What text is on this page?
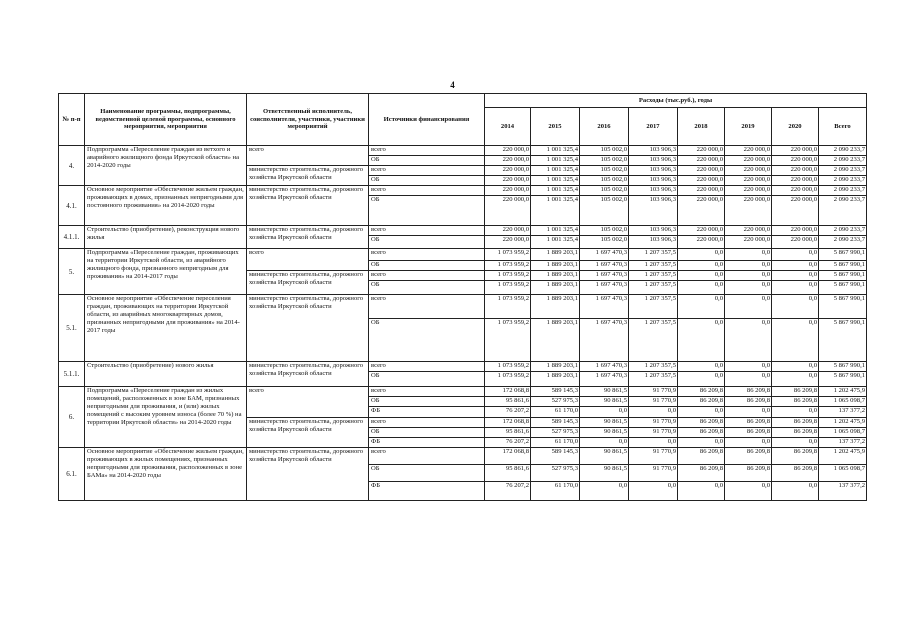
4
№ п-п	Наименование программы, подпрограммы, ведомственной целевой программы, основного мероприятия, мероприятия	Ответственный исполнитель, соисполнители, участники, участники мероприятий	Источники финансирования	Расходы (тыс.руб.), годы							
				2014	2015	2016	2017	2018	2019	2020	Всего
4.	Подпрограмма «Переселение граждан из ветхого и аварийного жилищного фонда Иркутской области» на 2014-2020 годы	всего	всего	220 000,0	1 001 325,4	105 002,0	103 906,3	220 000,0	220 000,0	220 000,0	2 090 233,7
			ОБ	220 000,0	1 001 325,4	105 002,0	103 906,3	220 000,0	220 000,0	220 000,0	2 090 233,7
		министерство строительства, дорожного хозяйства Иркутской области	всего	220 000,0	1 001 325,4	105 002,0	103 906,3	220 000,0	220 000,0	220 000,0	2 090 233,7
			ОБ	220 000,0	1 001 325,4	105 002,0	103 906,3	220 000,0	220 000,0	220 000,0	2 090 233,7
4.1.	Основное мероприятие «Обеспечение жильем граждан, проживающих в домах, признанных непригодными для постоянного проживания» на 2014-2020 годы	министерство строительства, дорожного хозяйства Иркутской области	всего	220 000,0	1 001 325,4	105 002,0	103 906,3	220 000,0	220 000,0	220 000,0	2 090 233,7
			ОБ	220 000,0	1 001 325,4	105 002,0	103 906,3	220 000,0	220 000,0	220 000,0	2 090 233,7
4.1.1.	Строительство (приобретение), реконструкция нового жилья	министерство строительства, дорожного хозяйства Иркутской области	всего	220 000,0	1 001 325,4	105 002,0	103 906,3	220 000,0	220 000,0	220 000,0	2 090 233,7
			ОБ	220 000,0	1 001 325,4	105 002,0	103 906,3	220 000,0	220 000,0	220 000,0	2 090 233,7
5.	Подпрограмма «Переселение граждан, проживающих на территории Иркутской области, из аварийного жилищного фонда, признанного непригодным для проживания» на 2014-2017 годы	всего	всего	1 073 959,2	1 889 203,1	1 697 470,3	1 207 357,5	0,0	0,0	0,0	5 867 990,1
			ОБ	1 073 959,2	1 889 203,1	1 697 470,3	1 207 357,5	0,0	0,0	0,0	5 867 990,1
		министерство строительства, дорожного хозяйства Иркутской области	всего	1 073 959,2	1 889 203,1	1 697 470,3	1 207 357,5	0,0	0,0	0,0	5 867 990,1
			ОБ	1 073 959,2	1 889 203,1	1 697 470,3	1 207 357,5	0,0	0,0	0,0	5 867 990,1
5.1.	Основное мероприятие «Обеспечение переселения граждан, проживающих на территории Иркутской области, из аварийных многоквартирных домов, признанных непригодными для проживания» на 2014-2017 годы	министерство строительства, дорожного хозяйства Иркутской области	всего	1 073 959,2	1 889 203,1	1 697 470,3	1 207 357,5	0,0	0,0	0,0	5 867 990,1
			ОБ	1 073 959,2	1 889 203,1	1 697 470,3	1 207 357,5	0,0	0,0	0,0	5 867 990,1
5.1.1.	Строительство (приобретение) нового жилья	министерство строительства, дорожного хозяйства Иркутской области	всего	1 073 959,2	1 889 203,1	1 697 470,3	1 207 357,5	0,0	0,0	0,0	5 867 990,1
			ОБ	1 073 959,2	1 889 203,1	1 697 470,3	1 207 357,5	0,0	0,0	0,0	5 867 990,1
6.	Подпрограмма «Переселение граждан из жилых помещений, расположенных в зоне БАМ, признанных непригодными для проживания, и (или) жилых помещений с высоким уровнем износа (более 70 %) на территории Иркутской области» на 2014-2020 годы	всего	всего	172 068,8	589 145,3	90 861,5	91 770,9	86 209,8	86 209,8	86 209,8	1 202 475,9
			ОБ	95 861,6	527 975,3	90 861,5	91 770,9	86 209,8	86 209,8	86 209,8	1 065 098,7
			ФБ	76 207,2	61 170,0	0,0	0,0	0,0	0,0	0,0	137 377,2
		министерство строительства, дорожного хозяйства Иркутской области	всего	172 068,8	589 145,3	90 861,5	91 770,9	86 209,8	86 209,8	86 209,8	1 202 475,9
			ОБ	95 861,6	527 975,3	90 861,5	91 770,9	86 209,8	86 209,8	86 209,8	1 065 098,7
			ФБ	76 207,2	61 170,0	0,0	0,0	0,0	0,0	0,0	137 377,2
6.1.	Основное мероприятие «Обеспечение жильем граждан, проживающих в жилых помещениях, признанных непригодными для проживания, расположенных в зоне БАМа» на 2014-2020 годы	министерство строительства, дорожного хозяйства Иркутской области	всего	172 068,8	589 145,3	90 861,5	91 770,9	86 209,8	86 209,8	86 209,8	1 202 475,9
			ОБ	95 861,6	527 975,3	90 861,5	91 770,9	86 209,8	86 209,8	86 209,8	1 065 098,7
			ФБ	76 207,2	61 170,0	0,0	0,0	0,0	0,0	0,0	137 377,2
